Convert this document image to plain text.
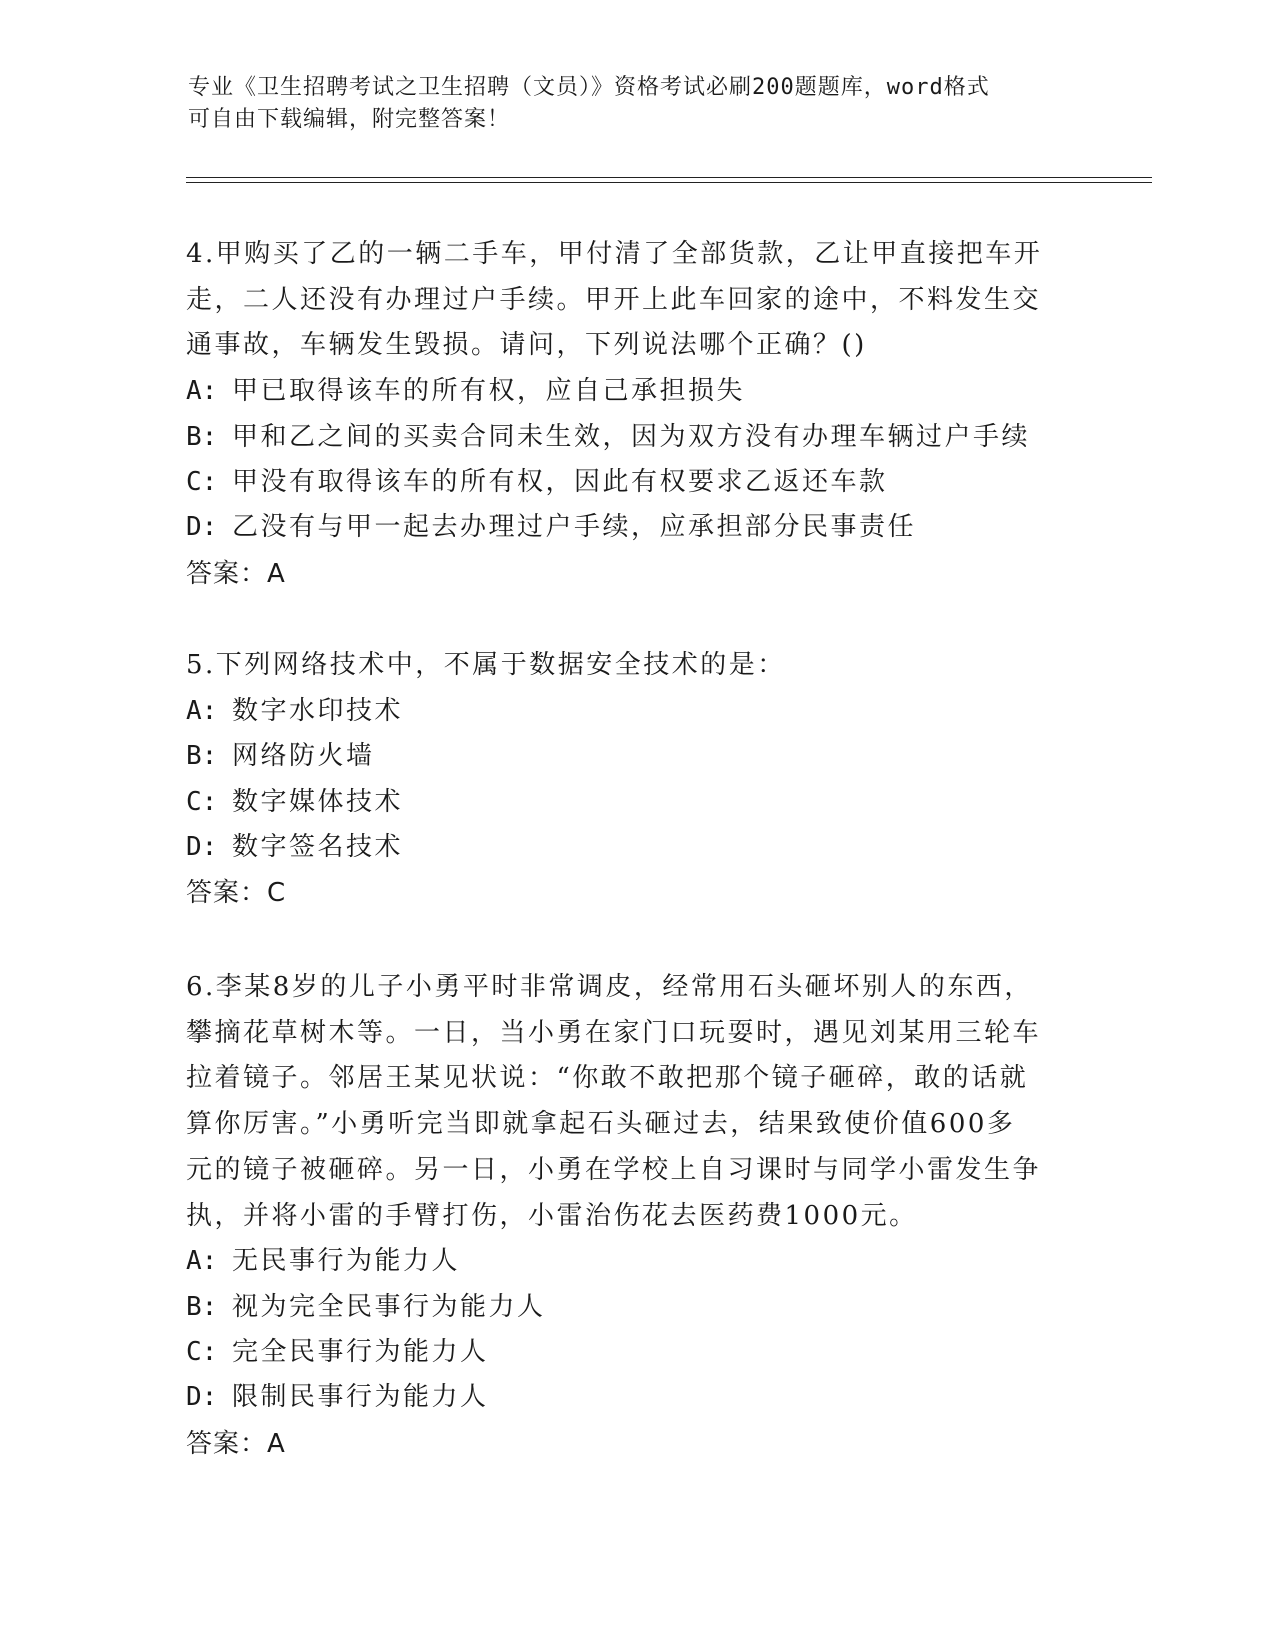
专业《卫生招聘考试之卫生招聘（文员）》资格考试必刷200题题库，word格式
可自由下载编辑，附完整答案！

4.甲购买了乙的一辆二手车，甲付清了全部货款，乙让甲直接把车开

走，二人还没有办理过户手续。甲开上此车回家的途中，不料发生交

通事故，车辆发生毁损。请问，下列说法哪个正确？()

A: 甲已取得该车的所有权，应自己承担损失

B: 甲和乙之间的买卖合同未生效，因为双方没有办理车辆过户手续

C: 甲没有取得该车的所有权，因此有权要求乙返还车款

D: 乙没有与甲一起去办理过户手续，应承担部分民事责任

答案：A

5.下列网络技术中，不属于数据安全技术的是：

A: 数字水印技术

B: 网络防火墙

C: 数字媒体技术

D: 数字签名技术

答案：C

6.李某8岁的儿子小勇平时非常调皮，经常用石头砸坏别人的东西，

攀摘花草树木等。一日，当小勇在家门口玩耍时，遇见刘某用三轮车

拉着镜子。邻居王某见状说：“你敢不敢把那个镜子砸碎，敢的话就

算你厉害。”小勇听完当即就拿起石头砸过去，结果致使价值600多

元的镜子被砸碎。另一日，小勇在学校上自习课时与同学小雷发生争

执，并将小雷的手臂打伤，小雷治伤花去医药费1000元。

A: 无民事行为能力人

B: 视为完全民事行为能力人

C: 完全民事行为能力人

D: 限制民事行为能力人

答案：A
